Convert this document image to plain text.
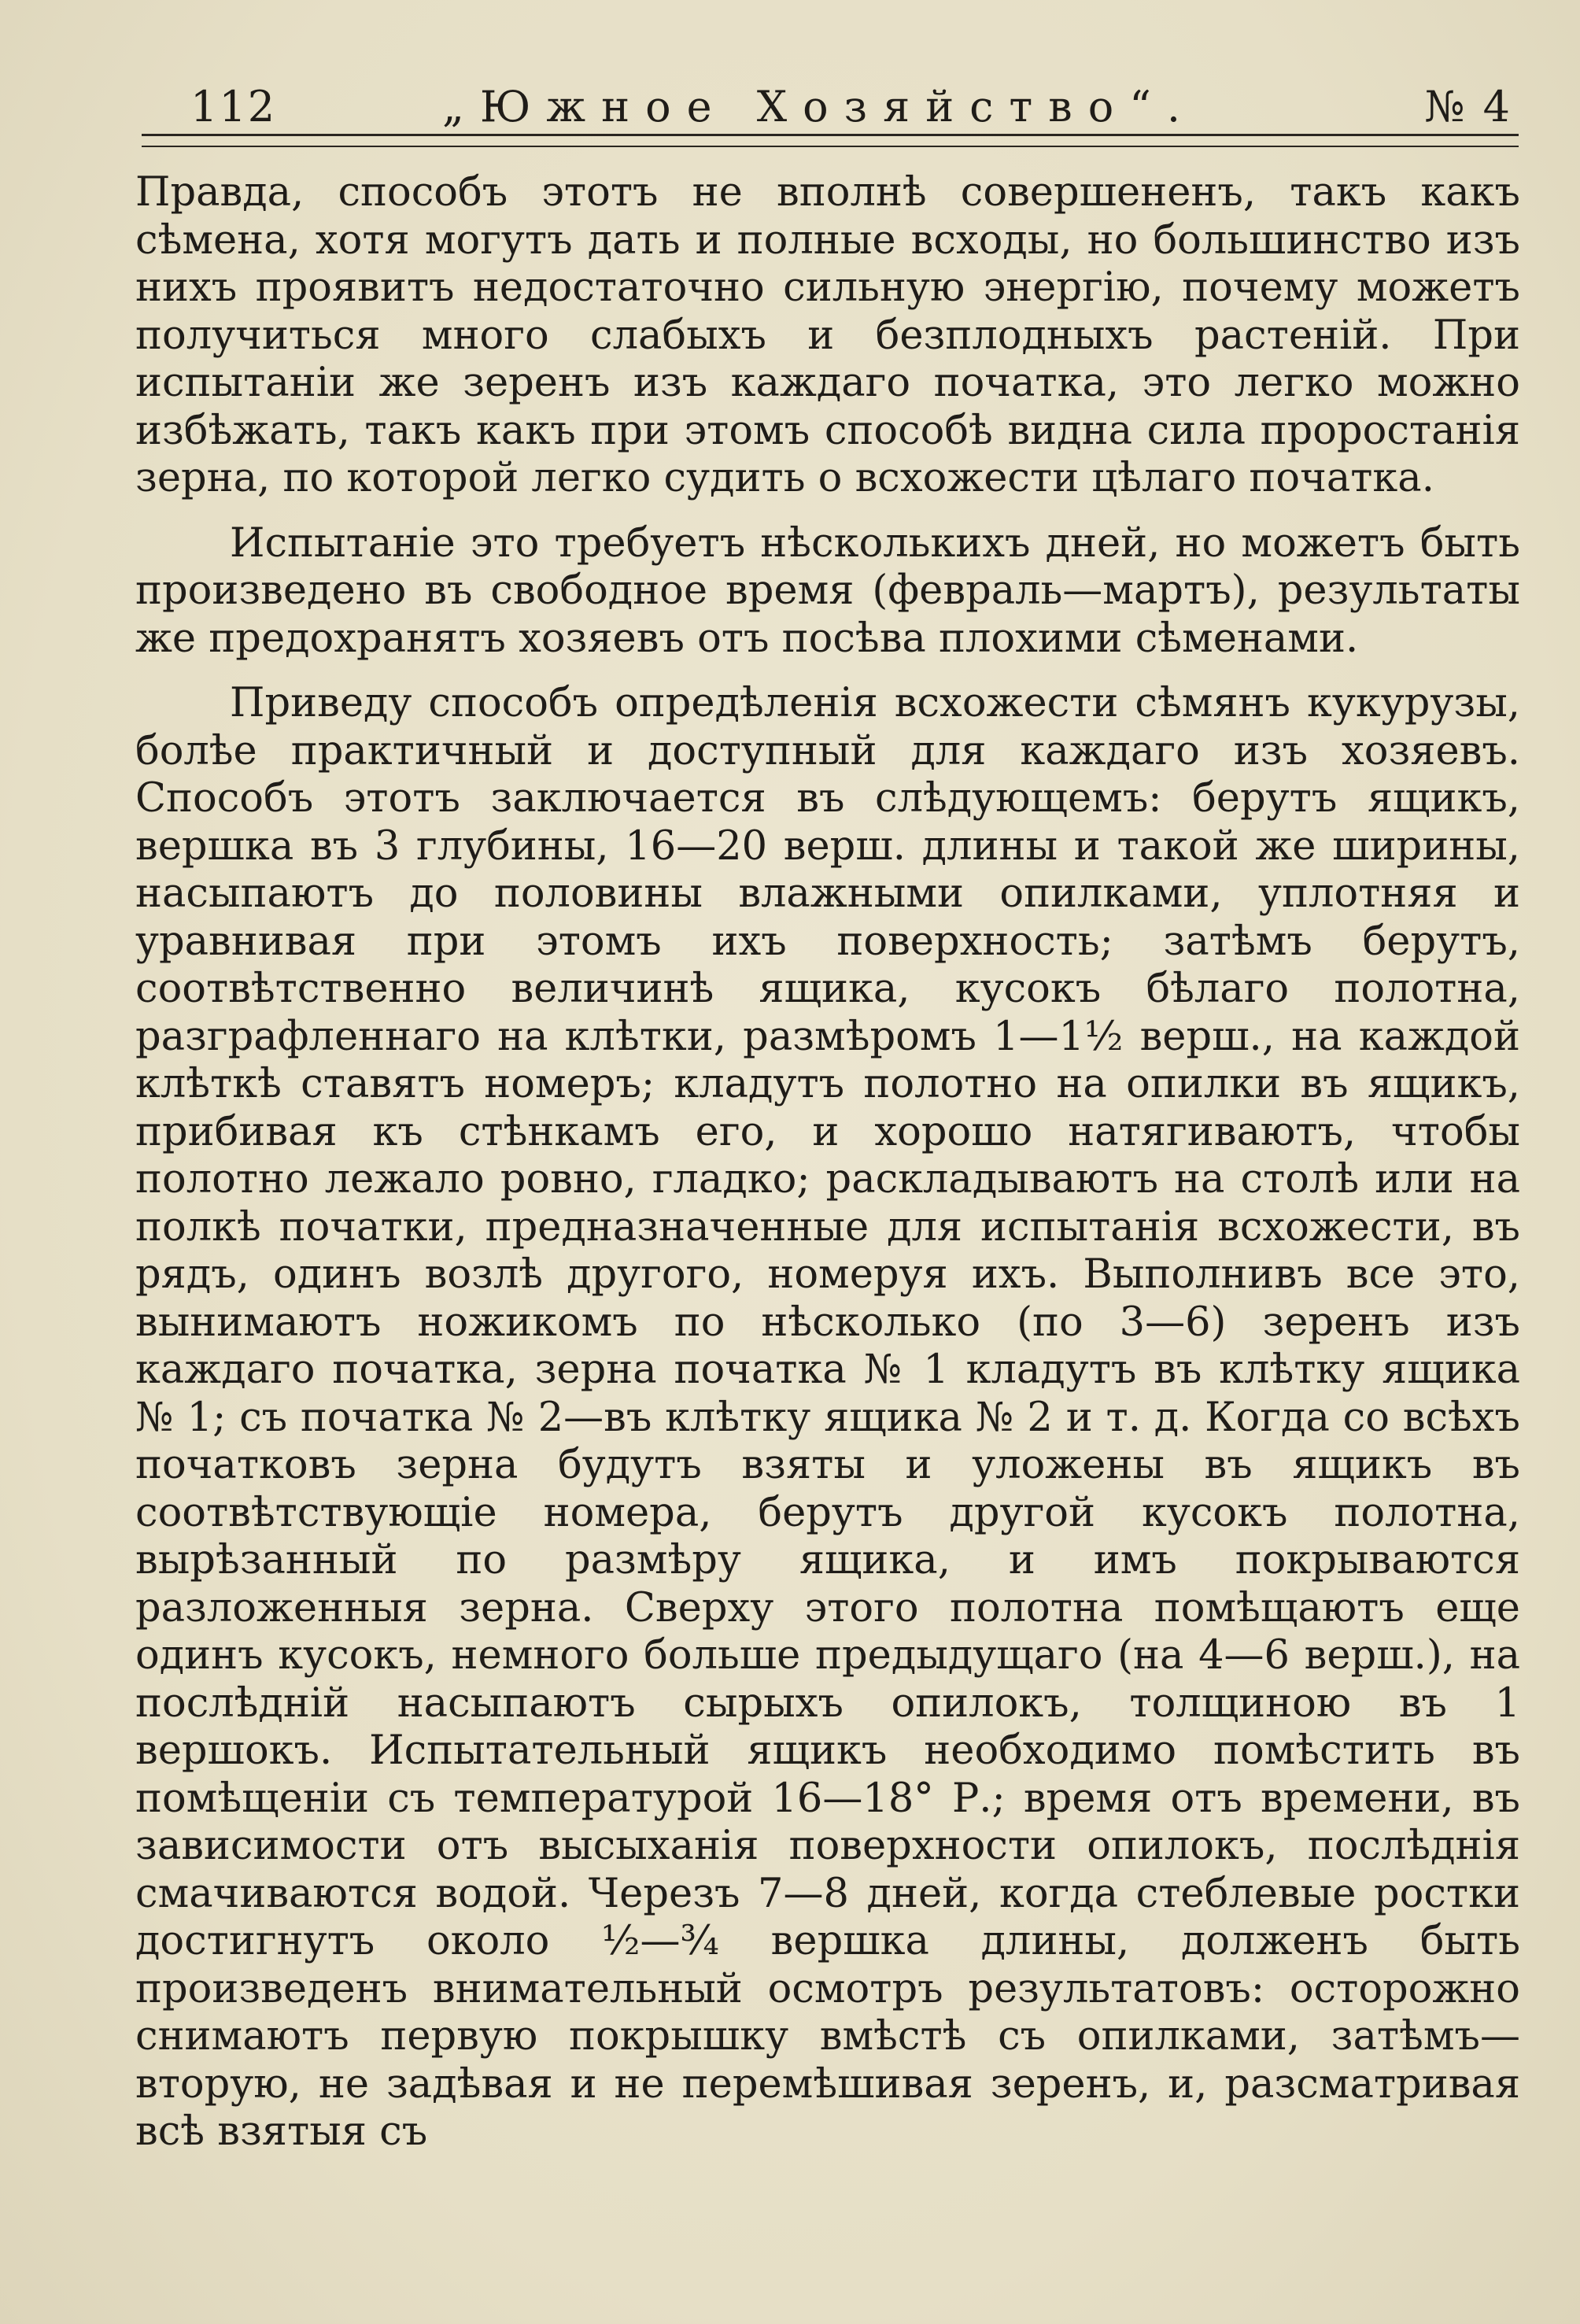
112	„Южное Хозяйство“.	№ 4

Правда, способъ этотъ не вполнѣ совершененъ, такъ какъ сѣмена, хотя могутъ дать и полные всходы, но большинство изъ нихъ проявитъ недостаточно сильную энергiю, почему можетъ получиться много слабыхъ и безплодныхъ растенiй. При испытанiи же зеренъ изъ каждаго початка, это легко можно избѣжать, такъ какъ при этомъ способѣ видна сила проростанiя зерна, по которой легко судить о всхожести цѣлаго початка.

Испытанiе это требуетъ нѣсколькихъ дней, но можетъ быть произведено въ свободное время (февраль—мартъ), результаты же предохранятъ хозяевъ отъ посѣва плохими сѣменами.

Приведу способъ опредѣленiя всхожести сѣмянъ кукурузы, болѣе практичный и доступный для каждаго изъ хозяевъ. Способъ этотъ заключается въ слѣдующемъ: берутъ ящикъ, вершка въ 3 глубины, 16—20 верш. длины и такой же ширины, насыпаютъ до половины влажными опилками, уплотняя и уравнивая при этомъ ихъ поверхность; затѣмъ берутъ, соотвѣтственно величинѣ ящика, кусокъ бѣлаго полотна, разграфленнаго на клѣтки, размѣромъ 1—1½ верш., на каждой клѣткѣ ставятъ номеръ; кладутъ полотно на опилки въ ящикъ, прибивая къ стѣнкамъ его, и хорошо натягиваютъ, чтобы полотно лежало ровно, гладко; раскладываютъ на столѣ или на полкѣ початки, предназначенные для испытанiя всхожести, въ рядъ, одинъ возлѣ другого, номеруя ихъ. Выполнивъ все это, вынимаютъ ножикомъ по нѣсколько (по 3—6) зеренъ изъ каждаго початка, зерна початка № 1 кладутъ въ клѣтку ящика № 1; съ початка № 2—въ клѣтку ящика № 2 и т. д. Когда со всѣхъ початковъ зерна будутъ взяты и уложены въ ящикъ въ соотвѣтствующiе номера, берутъ другой кусокъ полотна, вырѣзанный по размѣру ящика, и имъ покрываются разложенныя зерна. Сверху этого полотна помѣщаютъ еще одинъ кусокъ, немного больше предыдущаго (на 4—6 верш.), на послѣднiй насыпаютъ сырыхъ опилокъ, толщиною въ 1 вершокъ. Испытательный ящикъ необходимо помѣстить въ помѣщенiи съ температурой 16—18° Р.; время отъ времени, въ зависимости отъ высыханiя поверхности опилокъ, послѣднiя смачиваются водой. Черезъ 7—8 дней, когда стеблевые ростки достигнутъ около ½—¾ вершка длины, долженъ быть произведенъ внимательный осмотръ результатовъ: осторожно снимаютъ первую покрышку вмѣстѣ съ опилками, затѣмъ—вторую, не задѣвая и не перемѣшивая зеренъ, и, разсматривая всѣ взятыя съ
